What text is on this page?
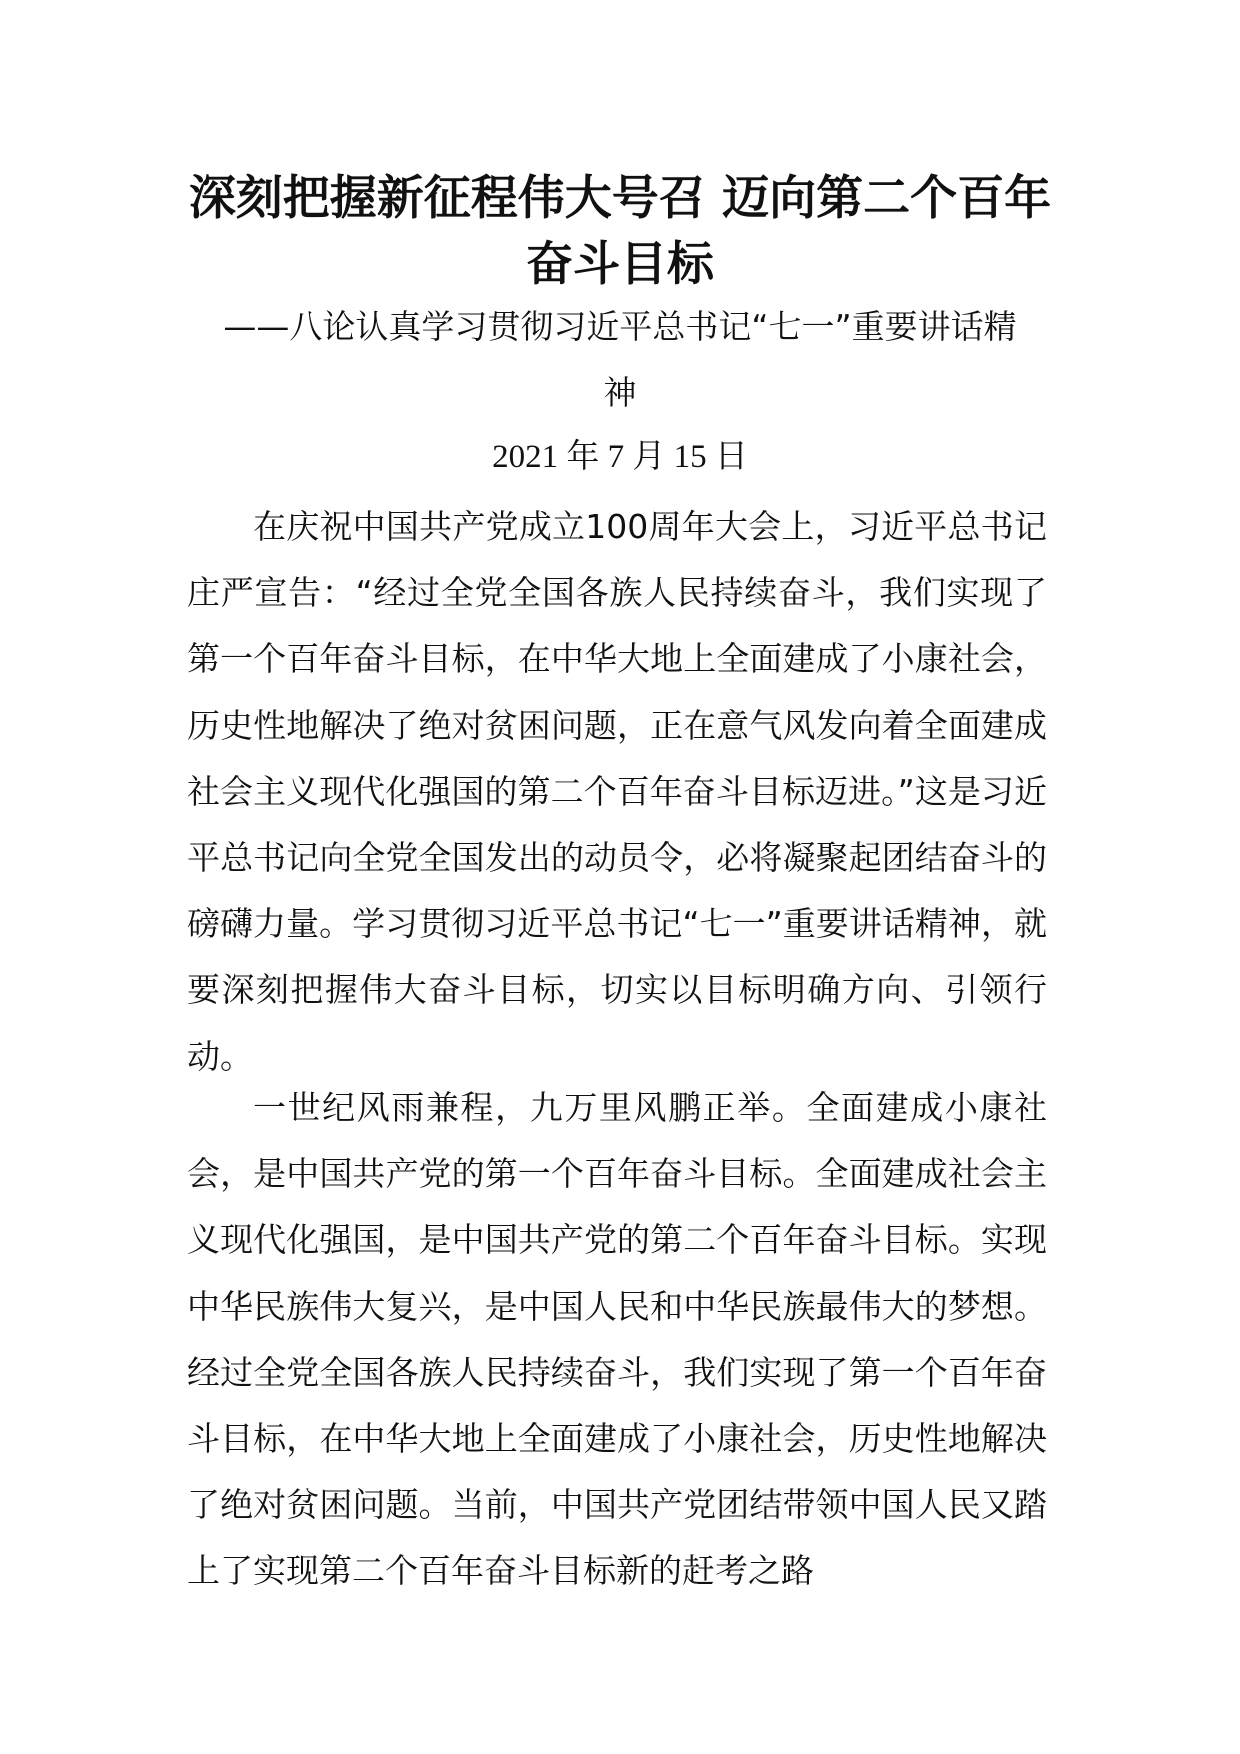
深刻把握新征程伟大号召 迈向第二个百年
奋斗目标

——八论认真学习贯彻习近平总书记“七一”重要讲话精

神

2021 年 7 月 15 日

在庆祝中国共产党成立100周年大会上，习近平总书记庄严宣告：“经过全党全国各族人民持续奋斗，我们实现了第一个百年奋斗目标，在中华大地上全面建成了小康社会，历史性地解决了绝对贫困问题，正在意气风发向着全面建成社会主义现代化强国的第二个百年奋斗目标迈进。”这是习近平总书记向全党全国发出的动员令，必将凝聚起团结奋斗的磅礴力量。学习贯彻习近平总书记“七一”重要讲话精神，就要深刻把握伟大奋斗目标，切实以目标明确方向、引领行动。

一世纪风雨兼程，九万里风鹏正举。全面建成小康社会，是中国共产党的第一个百年奋斗目标。全面建成社会主义现代化强国，是中国共产党的第二个百年奋斗目标。实现中华民族伟大复兴，是中国人民和中华民族最伟大的梦想。经过全党全国各族人民持续奋斗，我们实现了第一个百年奋斗目标，在中华大地上全面建成了小康社会，历史性地解决了绝对贫困问题。当前，中国共产党团结带领中国人民又踏上了实现第二个百年奋斗目标新的赶考之路
